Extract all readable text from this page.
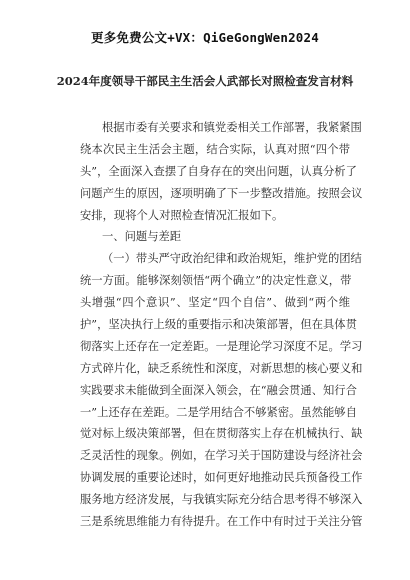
更多免费公文+VX：QiGeGongWen2024
2024年度领导干部民主生活会人武部长对照检查发言材料
根据市委有关要求和镇党委相关工作部署，我紧紧围
绕本次民主生活会主题，结合实际，认真对照“四个带
头”，全面深入查摆了自身存在的突出问题，认真分析了
问题产生的原因，逐项明确了下一步整改措施。按照会议
安排，现将个人对照检查情况汇报如下。
一、问题与差距
（一）带头严守政治纪律和政治规矩，维护党的团结
统一方面。能够深刻领悟“两个确立”的决定性意义，带
头增强“四个意识”、坚定“四个自信”、做到“两个维
护”，坚决执行上级的重要指示和决策部署，但在具体贯
彻落实上还存在一定差距。一是理论学习深度不足。学习
方式碎片化，缺乏系统性和深度，对新思想的核心要义和
实践要求未能做到全面深入领会，在“融会贯通、知行合
一”上还存在差距。二是学用结合不够紧密。虽然能够自
觉对标上级决策部署，但在贯彻落实上存在机械执行、缺
乏灵活性的现象。例如，在学习关于国防建设与经济社会
协调发展的重要论述时，如何更好地推动民兵预备役工作
服务地方经济发展，与我镇实际充分结合思考得不够深入
三是系统思维能力有待提升。在工作中有时过于关注分管
